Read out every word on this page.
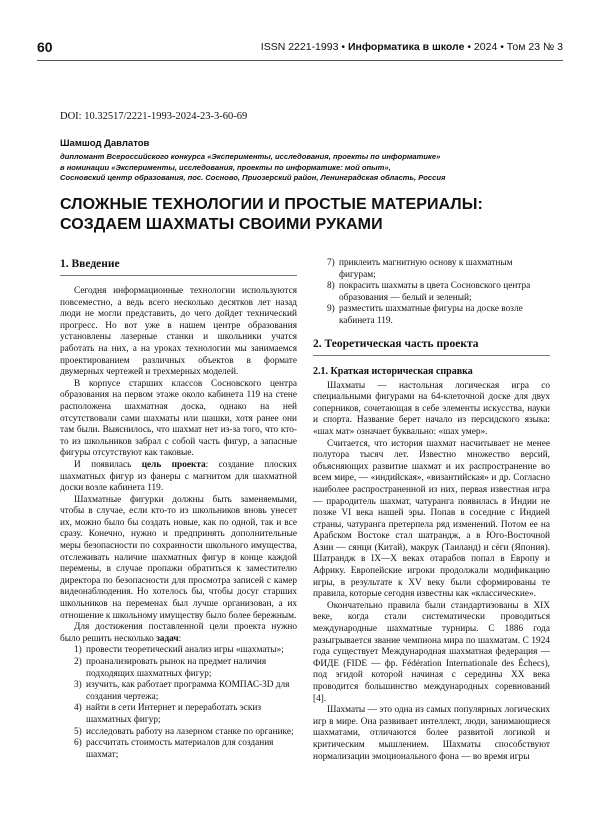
60	ISSN 2221-1993 • Информатика в школе • 2024 • Том 23 № 3
DOI: 10.32517/2221-1993-2024-23-3-60-69
Шамшод Давлатов
дипломант Всероссийского конкурса «Эксперименты, исследования, проекты по информатике»
в номинации «Эксперименты, исследования, проекты по информатике: мой опыт»,
Сосновский центр образования, пос. Сосново, Приозерский район, Ленинградская область, Россия
СЛОЖНЫЕ ТЕХНОЛОГИИ И ПРОСТЫЕ МАТЕРИАЛЫ: СОЗДАЕМ ШАХМАТЫ СВОИМИ РУКАМИ
1. Введение

Сегодня информационные технологии используются повсеместно, а ведь всего несколько десятков лет назад люди не могли представить, до чего дойдет технический прогресс. Но вот уже в нашем центре образования установлены лазерные станки и школьники учатся работать на них, а на уроках технологии мы занимаемся проектированием различных объектов в формате двумерных чертежей и трехмерных моделей.

В корпусе старших классов Сосновского центра образования на первом этаже около кабинета 119 на стене расположена шахматная доска, однако на ней отсутствовали сами шахматы или шашки, хотя ранее они там были. Выяснилось, что шахмат нет из-за того, что кто-то из школьников забрал с собой часть фигур, а запасные фигуры отсутствуют как таковые.

И появилась цель проекта: создание плоских шахматных фигур из фанеры с магнитом для шахматной доски возле кабинета 119.

Шахматные фигурки должны быть заменяемыми, чтобы в случае, если кто-то из школьников вновь унесет их, можно было бы создать новые, как по одной, так и все сразу. Конечно, нужно и предпринять дополнительные меры безопасности по сохранности школьного имущества, отслеживать наличие шахматных фигур в конце каждой перемены, в случае пропажи обратиться к заместителю директора по безопасности для просмотра записей с камер видеонаблюдения. Но хотелось бы, чтобы досуг старших школьников на переменах был лучше организован, а их отношение к школьному имуществу было более бережным.

Для достижения поставленной цели проекта нужно было решить несколько задач:

1) провести теоретический анализ игры «шахматы»;
2) проанализировать рынок на предмет наличия подходящих шахматных фигур;
3) изучить, как работает программа КОМПАС-3D для создания чертежа;
4) найти в сети Интернет и переработать эскиз шахматных фигур;
5) исследовать работу на лазерном станке по органике;
6) рассчитать стоимость материалов для создания шахмат;
7) приклеить магнитную основу к шахматным фигурам;
8) покрасить шахматы в цвета Сосновского центра образования — белый и зеленый;
9) разместить шахматные фигуры на доске возле кабинета 119.
2. Теоретическая часть проекта
2.1. Краткая историческая справка

Шахматы — настольная логическая игра со специальными фигурами на 64-клеточной доске для двух соперников, сочетающая в себе элементы искусства, науки и спорта. Название берет начало из персидского языка: «шах мат» означает буквально: «шах умер».

Считается, что история шахмат насчитывает не менее полутора тысяч лет. Известно множество версий, объясняющих развитие шахмат и их распространение во всем мире, — «индийская», «византийская» и др. Согласно наиболее распространенной из них, первая известная игра — прародитель шахмат, чатуранга появилась в Индии не позже VI века нашей эры. Попав в соседние с Индией страны, чатуранга претерпела ряд изменений. Потом ее на Арабском Востоке стал шатрандж, а в Юго-Восточной Азии — сянци (Китай), макрук (Таиланд) и сёги (Япония). Шатрандж в IX—X веках отарабов попал в Европу и Африку. Европейские игроки продолжали модификацию игры, в результате к XV веку были сформированы те правила, которые сегодня известны как «классические».

Окончательно правила были стандартизованы в XIX веке, когда стали систематически проводиться международные шахматные турниры. С 1886 года разыгрывается звание чемпиона мира по шахматам. С 1924 года существует Международная шахматная федерация — ФИДЕ (FIDE — фр. Fédération Internationale des Échecs), под эгидой которой начиная с середины XX века проводится большинство международных соревнований [4].

Шахматы — это одна из самых популярных логических игр в мире. Она развивает интеллект, люди, занимающиеся шахматами, отличаются более развитой логикой и критическим мышлением. Шахматы способствуют нормализации эмоционального фона — во время игры
